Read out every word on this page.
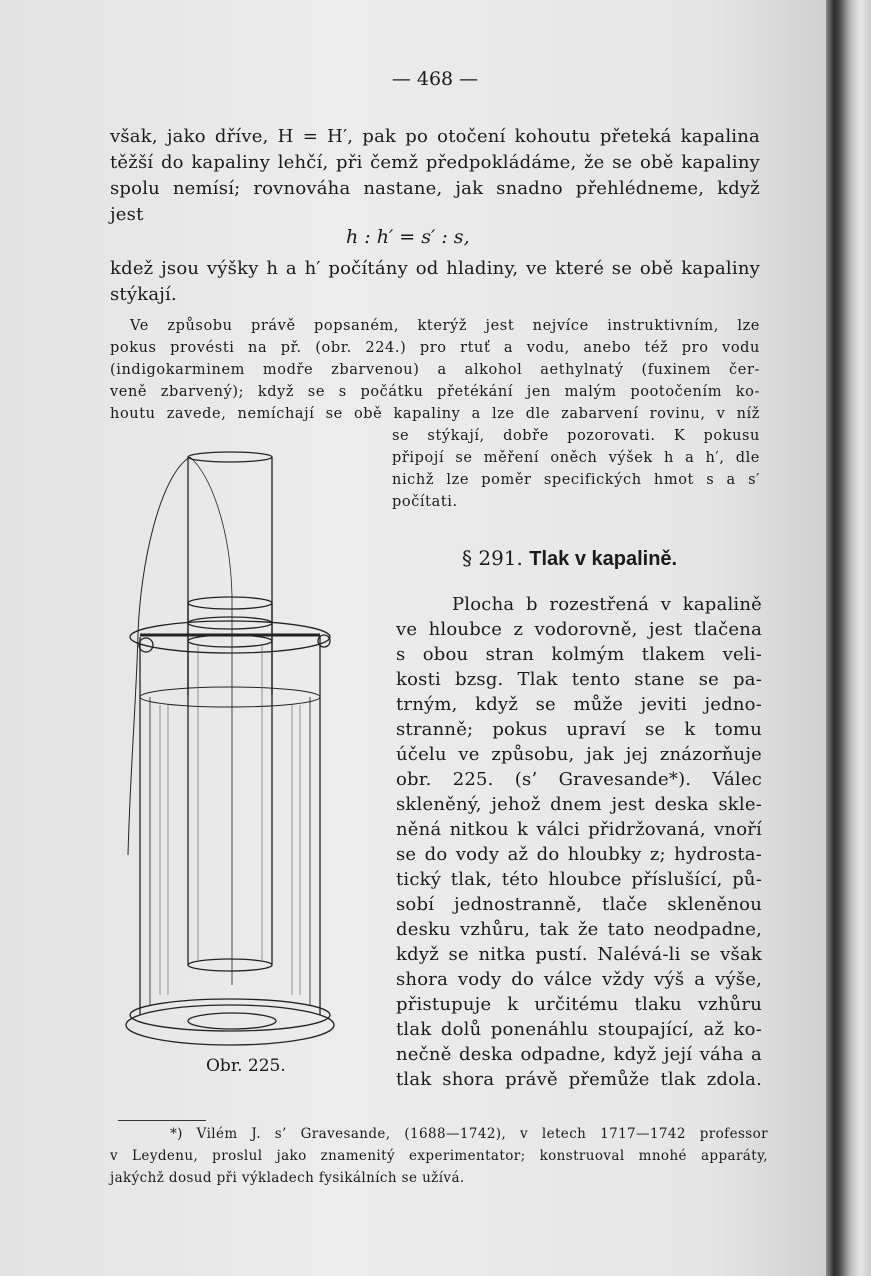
— 468 —

však, jako dříve, H = H′, pak po otočení kohoutu přeteká kapalina

těžší do kapaliny lehčí, při čemž předpokládáme, že se obě kapaliny

spolu nemísí; rovnováha nastane, jak snadno přehlédneme, když

jest

h : h′ = s′ : s,

kdež jsou výšky h a h′ počítány od hladiny, ve které se obě kapaliny

stýkají.

Ve způsobu právě popsaném, kterýž jest nejvíce instruktivním, lze

pokus provésti na př. (obr. 224.) pro rtuť a vodu, anebo též pro vodu

(indigokarminem modře zbarvenou) a alkohol aethylnatý (fuxinem čer-

veně zbarvený); když se s počátku přetékání jen malým pootočením ko-

houtu zavede, nemíchají se obě kapaliny a lze dle zabarvení rovinu, v níž

se stýkají, dobře pozorovati. K pokusu

připojí se měření oněch výšek h a h′, dle

nichž lze poměr specifických hmot s a s′

počítati.

§ 291. Tlak v kapalině.

Plocha b rozestřená v kapalině

ve hloubce z vodorovně, jest tlačena

s obou stran kolmým tlakem veli-

kosti bzsg. Tlak tento stane se pa-

trným, když se může jeviti jedno-

stranně; pokus upraví se k tomu

účelu ve způsobu, jak jej znázorňuje

obr. 225. (s’ Gravesande*). Válec

skleněný, jehož dnem jest deska skle-

něná nitkou k válci přidržovaná, vnoří

se do vody až do hloubky z; hydrosta-

tický tlak, této hloubce příslušící, pů-

sobí jednostranně, tlače skleněnou

desku vzhůru, tak že tato neodpadne,

když se nitka pustí. Nalévá-li se však

shora vody do válce vždy výš a výše,

přistupuje k určitému tlaku vzhůru

tlak dolů ponenáhlu stoupající, až ko-

nečně deska odpadne, když její váha a

tlak shora právě přemůže tlak zdola.

Obr. 225.

*) Vilém J. s’ Gravesande, (1688—1742), v letech 1717—1742 professor

v Leydenu, proslul jako znamenitý experimentator; konstruoval mnohé apparáty,

jakýchž dosud při výkladech fysikálních se užívá.
